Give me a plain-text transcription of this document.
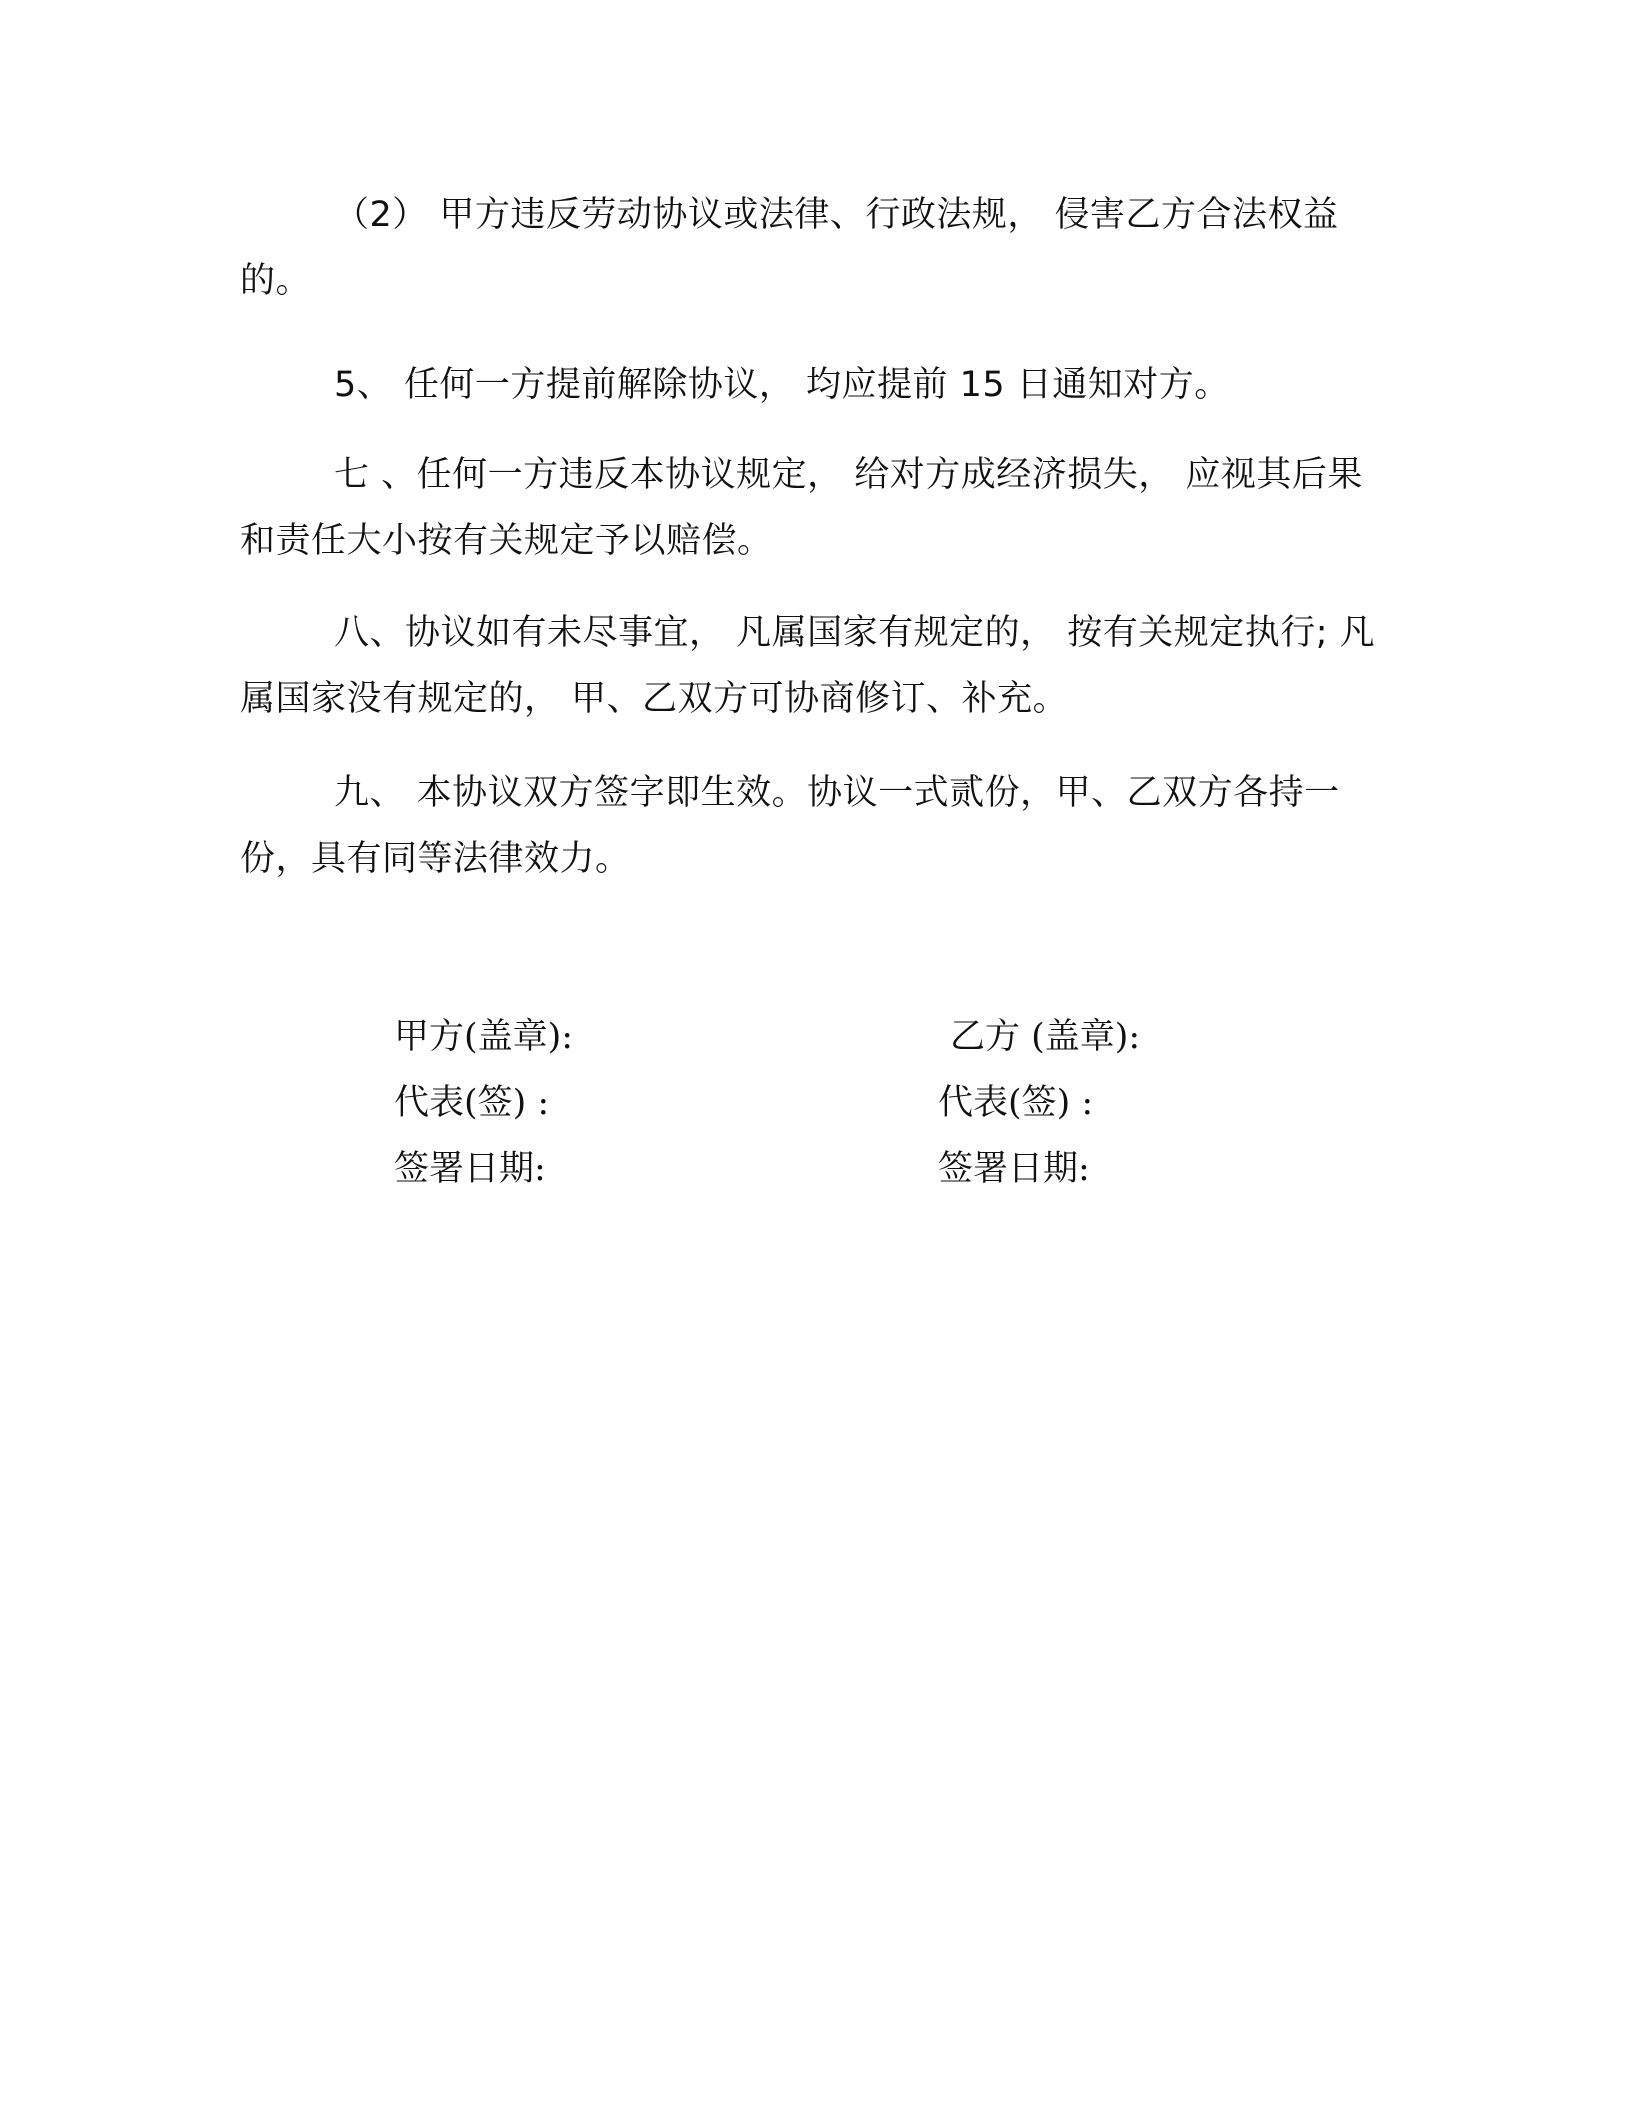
（2） 甲方违反劳动协议或法律、行政法规， 侵害乙方合法权益的。

5、 任何一方提前解除协议， 均应提前 15 日通知对方。

七 、任何一方违反本协议规定， 给对方成经济损失， 应视其后果和责任大小按有关规定予以赔偿。

八、协议如有未尽事宜， 凡属国家有规定的， 按有关规定执行; 凡属国家没有规定的， 甲、乙双方可协商修订、补充。

九、 本协议双方签字即生效。协议一式贰份，甲、乙双方各持一份，具有同等法律效力。

甲方(盖章):
代表(签) :
签署日期:
乙方 (盖章):
代表(签) :
签署日期:
